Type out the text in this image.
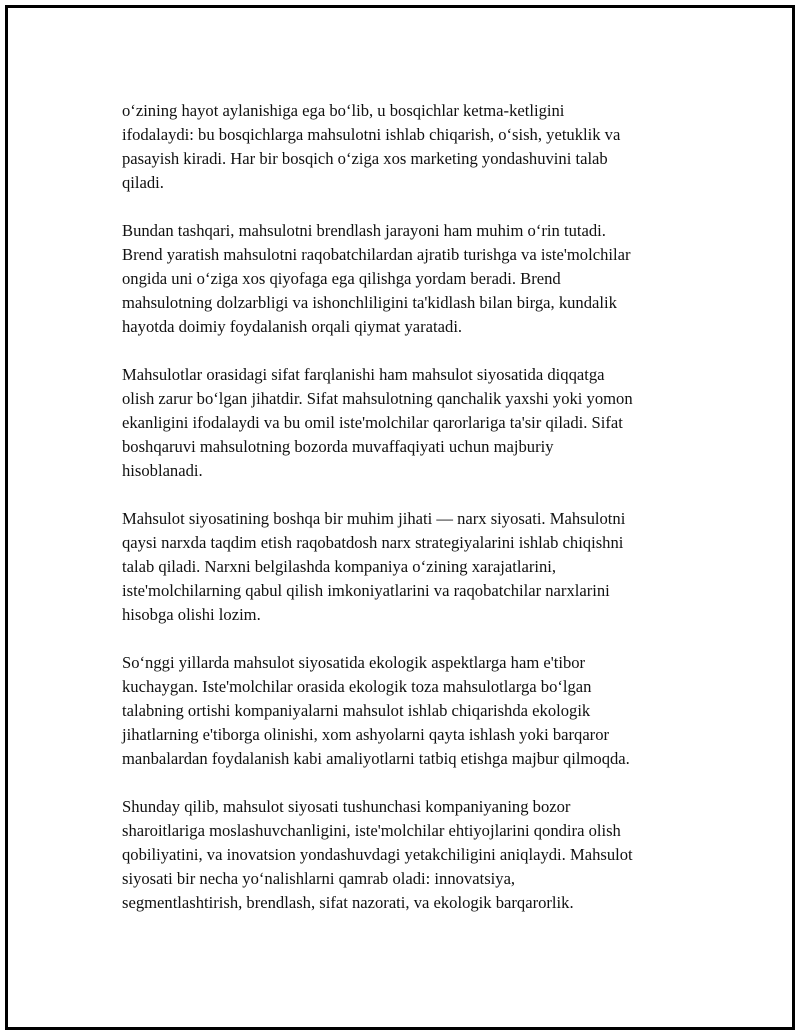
o‘zining hayot aylanishiga ega bo‘lib, u bosqichlar ketma-ketligini
ifodalaydi: bu bosqichlarga mahsulotni ishlab chiqarish, o‘sish, yetuklik va
pasayish kiradi. Har bir bosqich o‘ziga xos marketing yondashuvini talab
qiladi.

Bundan tashqari, mahsulotni brendlash jarayoni ham muhim o‘rin tutadi.
Brend yaratish mahsulotni raqobatchilardan ajratib turishga va iste'molchilar
ongida uni o‘ziga xos qiyofaga ega qilishga yordam beradi. Brend
mahsulotning dolzarbligi va ishonchliligini ta'kidlash bilan birga, kundalik
hayotda doimiy foydalanish orqali qiymat yaratadi.

Mahsulotlar orasidagi sifat farqlanishi ham mahsulot siyosatida diqqatga
olish zarur bo‘lgan jihatdir. Sifat mahsulotning qanchalik yaxshi yoki yomon
ekanligini ifodalaydi va bu omil iste'molchilar qarorlariga ta'sir qiladi. Sifat
boshqaruvi mahsulotning bozorda muvaffaqiyati uchun majburiy
hisoblanadi.

Mahsulot siyosatining boshqa bir muhim jihati — narx siyosati. Mahsulotni
qaysi narxda taqdim etish raqobatdosh narx strategiyalarini ishlab chiqishni
talab qiladi. Narxni belgilashda kompaniya o‘zining xarajatlarini,
iste'molchilarning qabul qilish imkoniyatlarini va raqobatchilar narxlarini
hisobga olishi lozim.

So‘nggi yillarda mahsulot siyosatida ekologik aspektlarga ham e'tibor
kuchaygan. Iste'molchilar orasida ekologik toza mahsulotlarga bo‘lgan
talabning ortishi kompaniyalarni mahsulot ishlab chiqarishda ekologik
jihatlarning e'tiborga olinishi, xom ashyolarni qayta ishlash yoki barqaror
manbalardan foydalanish kabi amaliyotlarni tatbiq etishga majbur qilmoqda.

Shunday qilib, mahsulot siyosati tushunchasi kompaniyaning bozor
sharoitlariga moslashuvchanligini, iste'molchilar ehtiyojlarini qondira olish
qobiliyatini, va inovatsion yondashuvdagi yetakchiligini aniqlaydi. Mahsulot
siyosati bir necha yo‘nalishlarni qamrab oladi: innovatsiya,
segmentlashtirish, brendlash, sifat nazorati, va ekologik barqarorlik.
